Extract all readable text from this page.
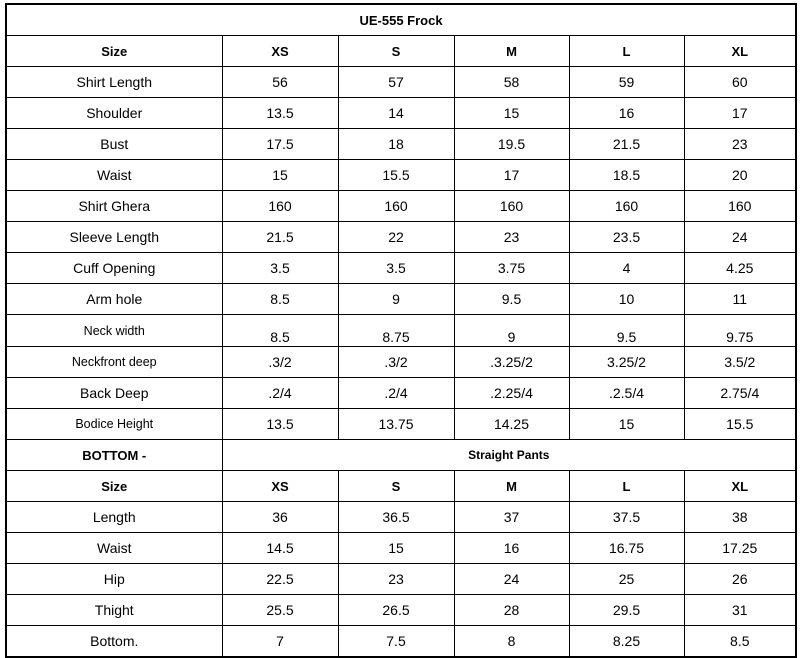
UE-555 Frock					
Size	XS	S	M	L	XL
Shirt Length	56	57	58	59	60
Shoulder	13.5	14	15	16	17
Bust	17.5	18	19.5	21.5	23
Waist	15	15.5	17	18.5	20
Shirt Ghera	160	160	160	160	160
Sleeve Length	21.5	22	23	23.5	24
Cuff Opening	3.5	3.5	3.75	4	4.25
Arm hole	8.5	9	9.5	10	11
Neck width	8.5	8.75	9	9.5	9.75
Neckfront deep	.3/2	.3/2	.3.25/2	3.25/2	3.5/2
Back Deep	.2/4	.2/4	.2.25/4	.2.5/4	2.75/4
Bodice Height	13.5	13.75	14.25	15	15.5
BOTTOM -	Straight Pants				
Size	XS	S	M	L	XL
Length	36	36.5	37	37.5	38
Waist	14.5	15	16	16.75	17.25
Hip	22.5	23	24	25	26
Thight	25.5	26.5	28	29.5	31
Bottom.	7	7.5	8	8.25	8.5
